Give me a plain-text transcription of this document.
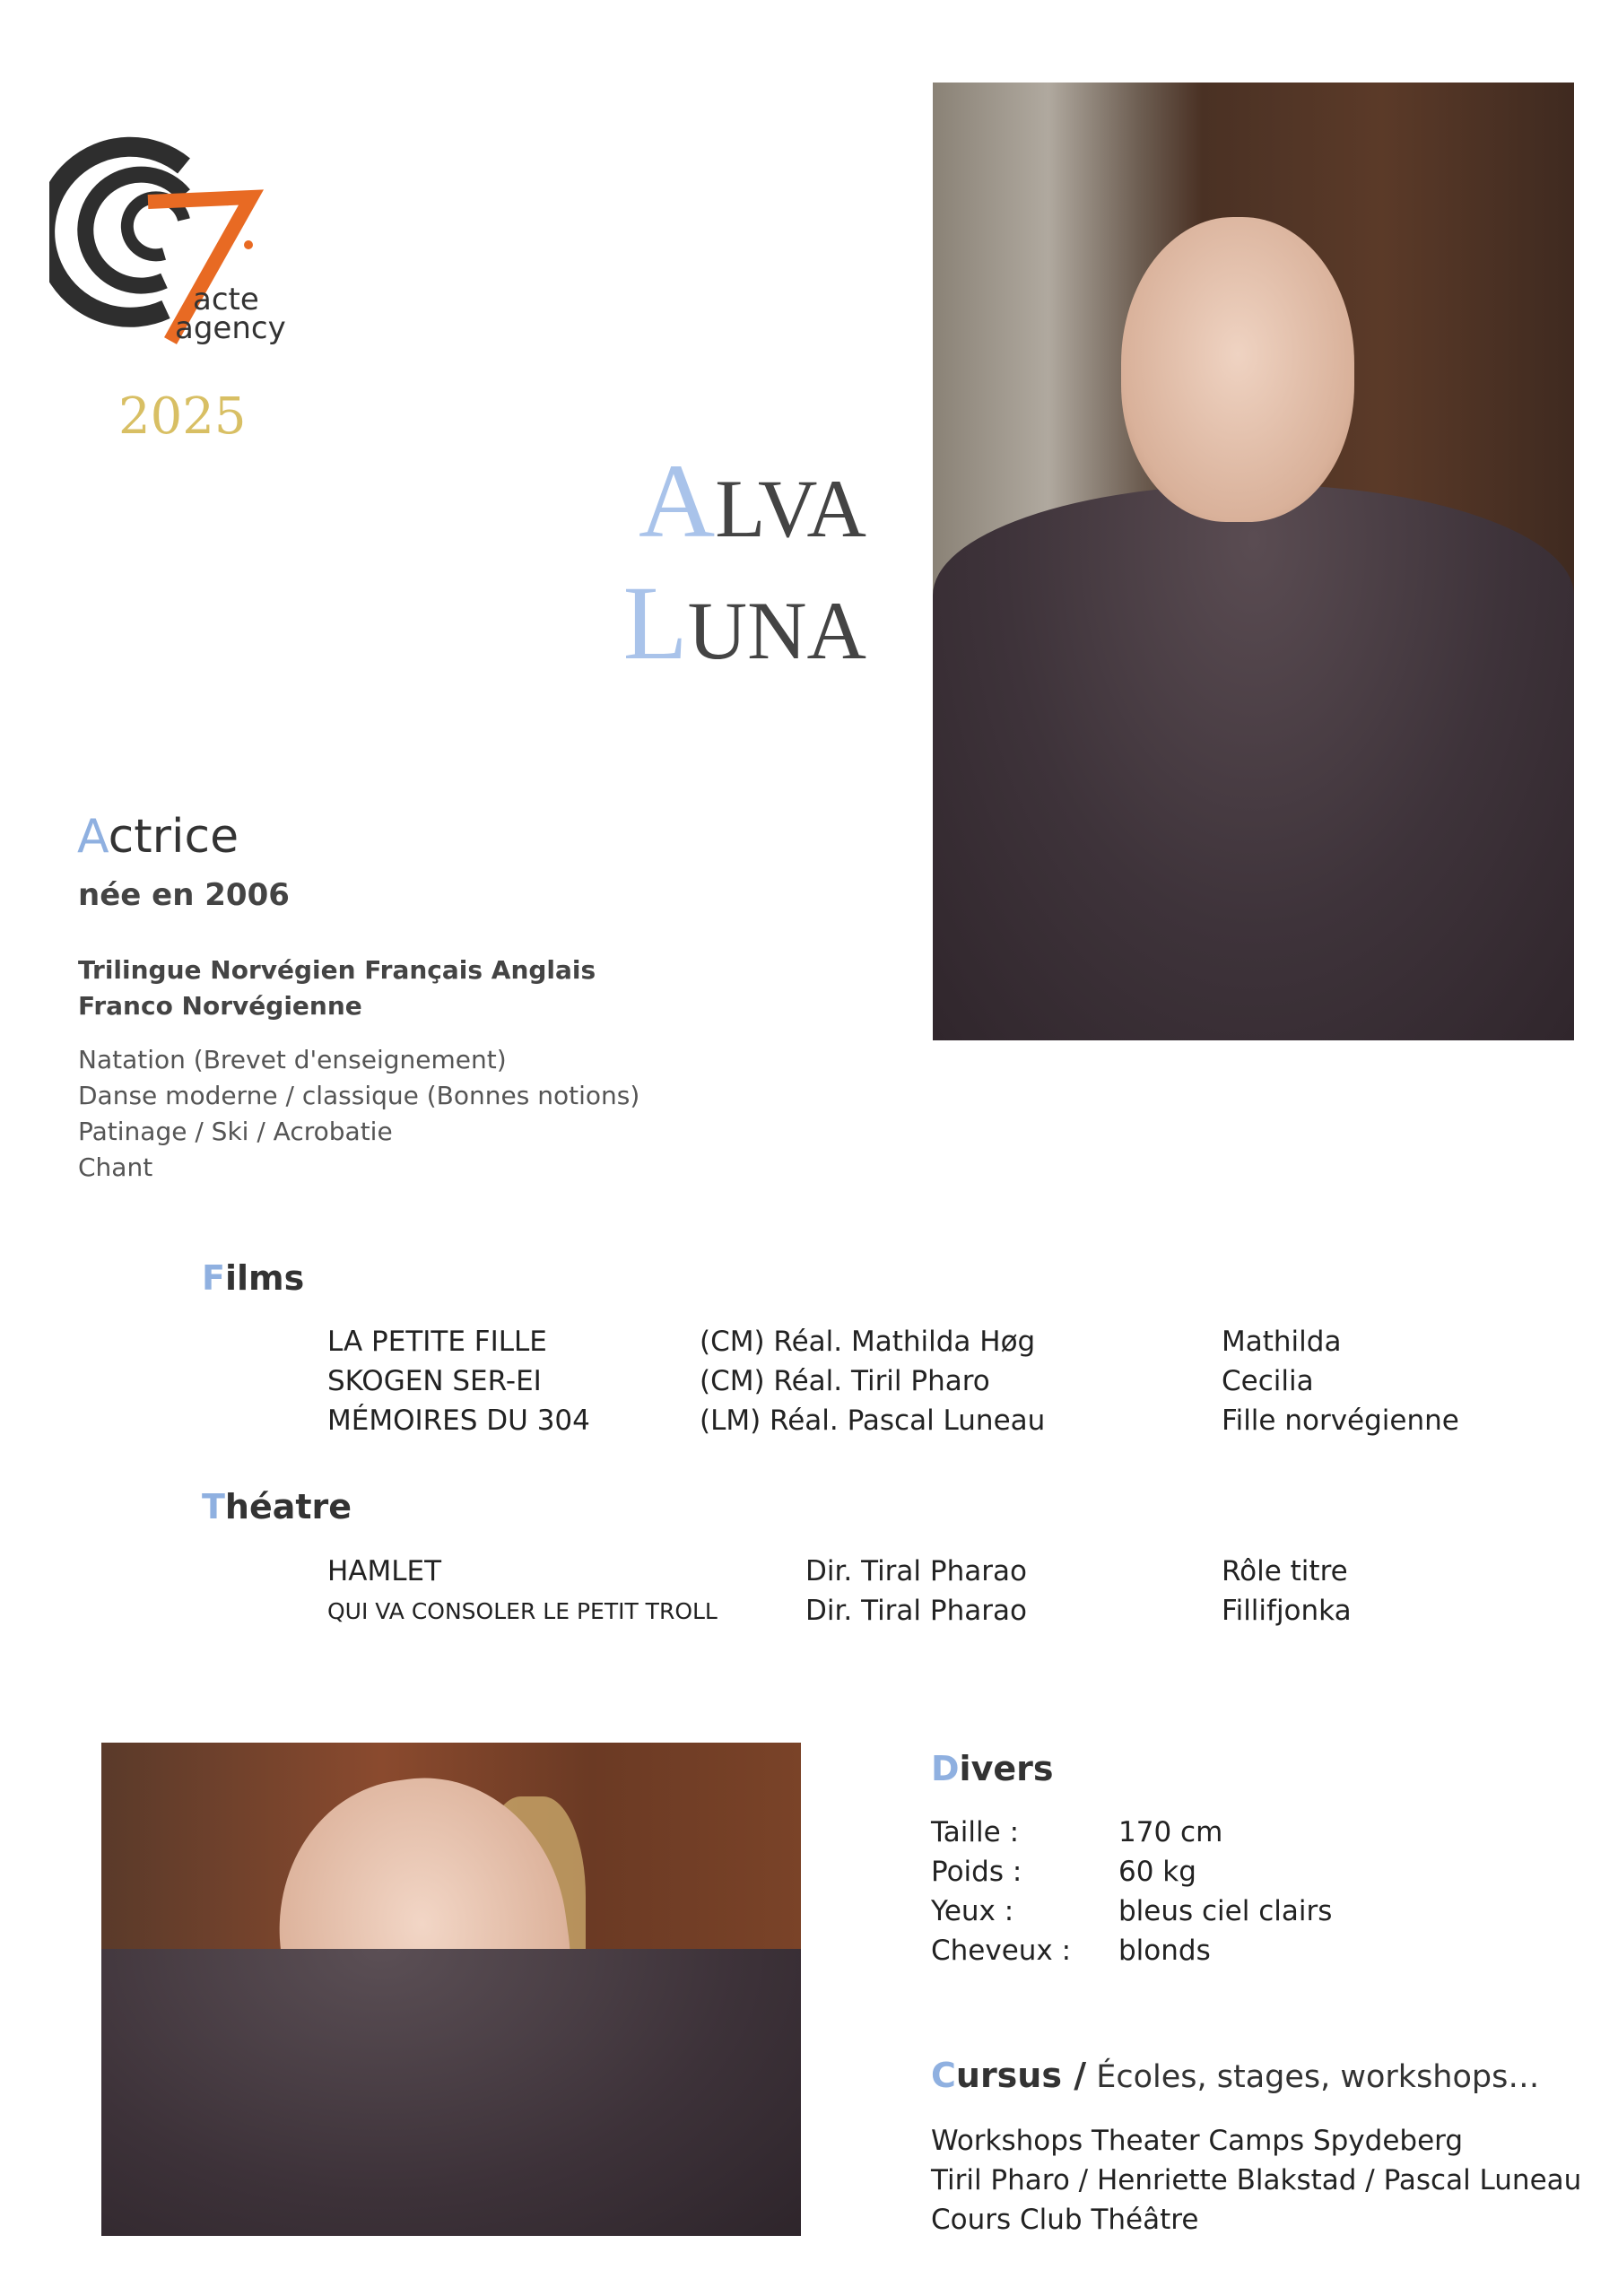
acte
agency
2025
ALVA
LUNA
Actrice
née en 2006
Trilingue Norvégien Français Anglais
Franco Norvégienne
Natation (Brevet d'enseignement)
Danse moderne / classique (Bonnes notions)
Patinage / Ski / Acrobatie
Chant
Films
LA PETITE FILLE	(CM) Réal. Mathilda Høg	Mathilda
SKOGEN SER-EI	(CM) Réal. Tiril Pharo	Cecilia
MÉMOIRES DU 304	(LM) Réal. Pascal Luneau	Fille norvégienne
Théatre
HAMLET	Dir. Tiral Pharao	Rôle titre
QUI VA CONSOLER LE PETIT TROLL	Dir. Tiral Pharao	Fillifjonka
Divers
Taille :	170 cm
Poids :	60 kg
Yeux :	bleus ciel clairs
Cheveux : blonds
Cursus / Écoles, stages, workshops…
Workshops Theater Camps Spydeberg
Tiril Pharo / Henriette Blakstad / Pascal Luneau
Cours Club Théâtre
